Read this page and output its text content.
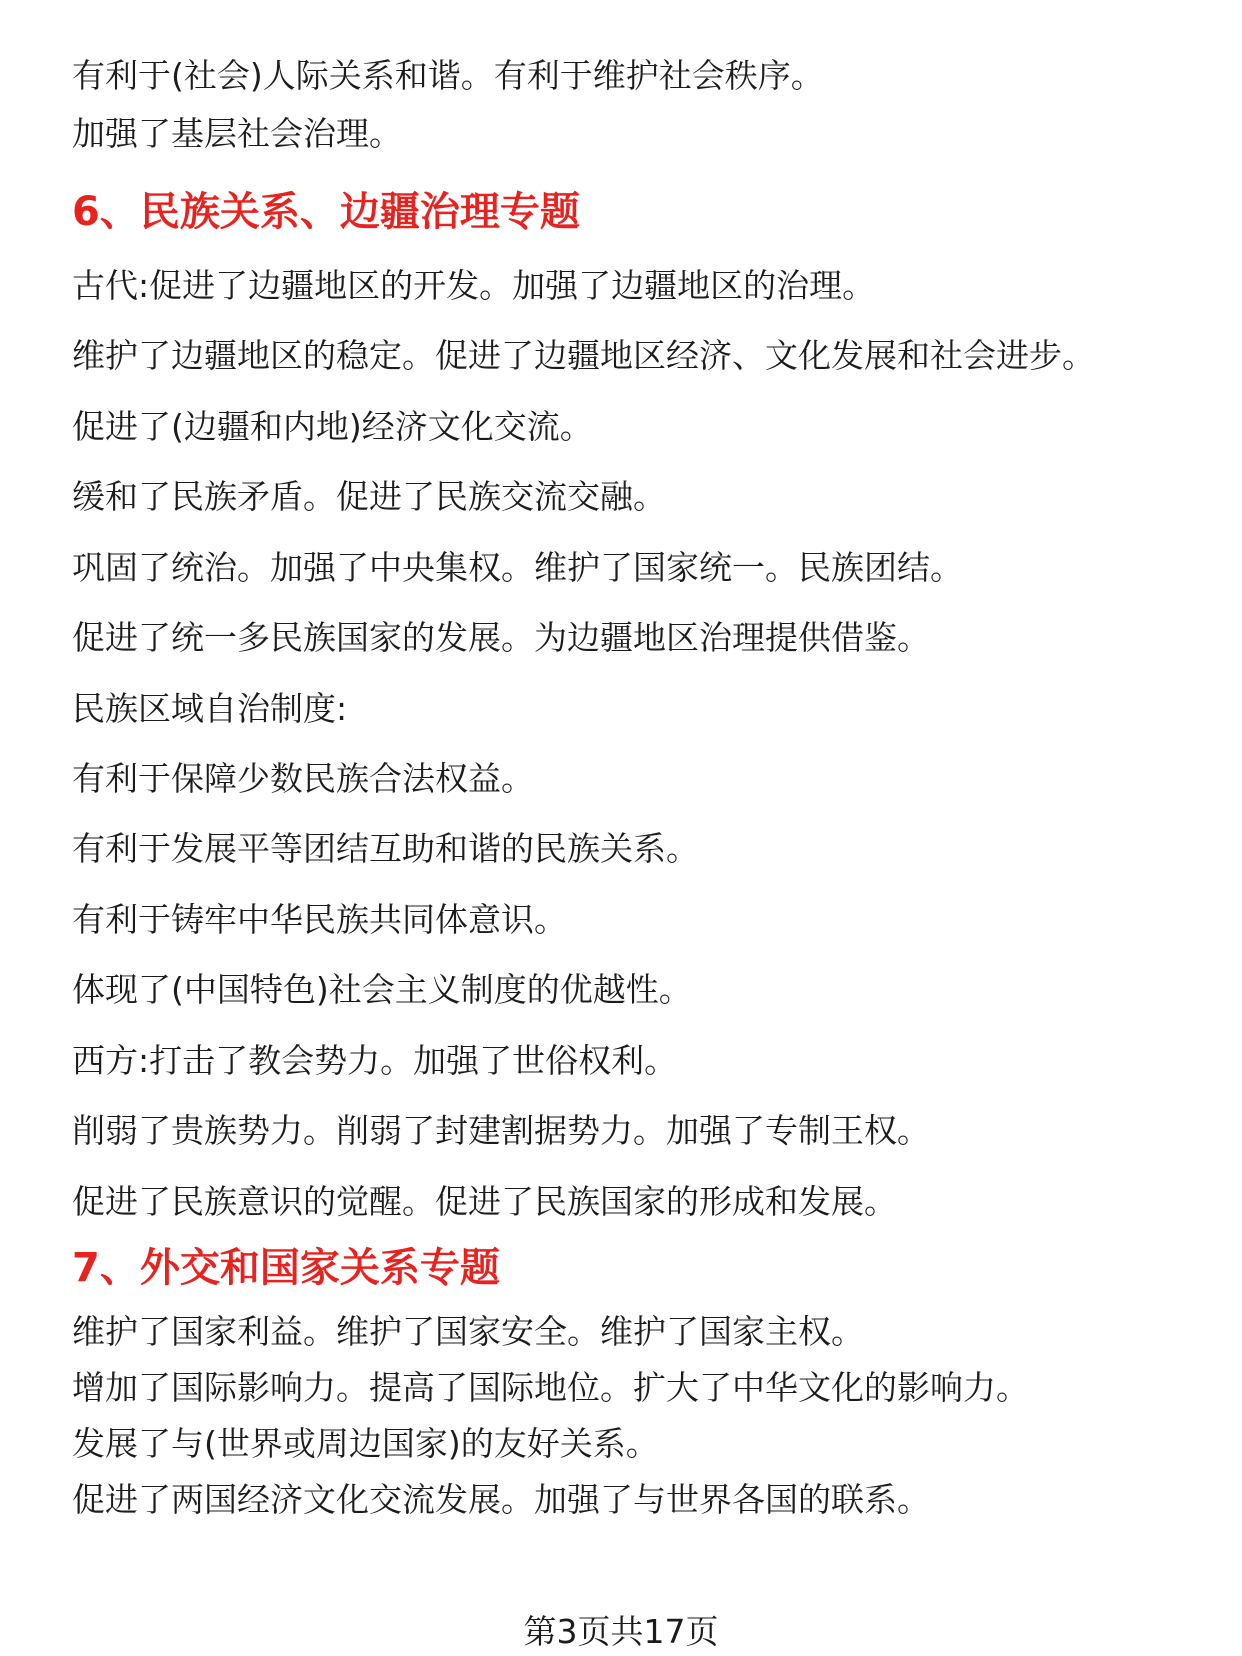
有利于(社会)人际关系和谐。有利于维护社会秩序。
加强了基层社会治理。
6、民族关系、边疆治理专题
古代:促进了边疆地区的开发。加强了边疆地区的治理。
维护了边疆地区的稳定。促进了边疆地区经济、文化发展和社会进步。
促进了(边疆和内地)经济文化交流。
缓和了民族矛盾。促进了民族交流交融。
巩固了统治。加强了中央集权。维护了国家统一。民族团结。
促进了统一多民族国家的发展。为边疆地区治理提供借鉴。
民族区域自治制度:
有利于保障少数民族合法权益。
有利于发展平等团结互助和谐的民族关系。
有利于铸牢中华民族共同体意识。
体现了(中国特色)社会主义制度的优越性。
西方:打击了教会势力。加强了世俗权利。
削弱了贵族势力。削弱了封建割据势力。加强了专制王权。
促进了民族意识的觉醒。促进了民族国家的形成和发展。
7、外交和国家关系专题
维护了国家利益。维护了国家安全。维护了国家主权。
增加了国际影响力。提高了国际地位。扩大了中华文化的影响力。
发展了与(世界或周边国家)的友好关系。
促进了两国经济文化交流发展。加强了与世界各国的联系。
第3页共17页
